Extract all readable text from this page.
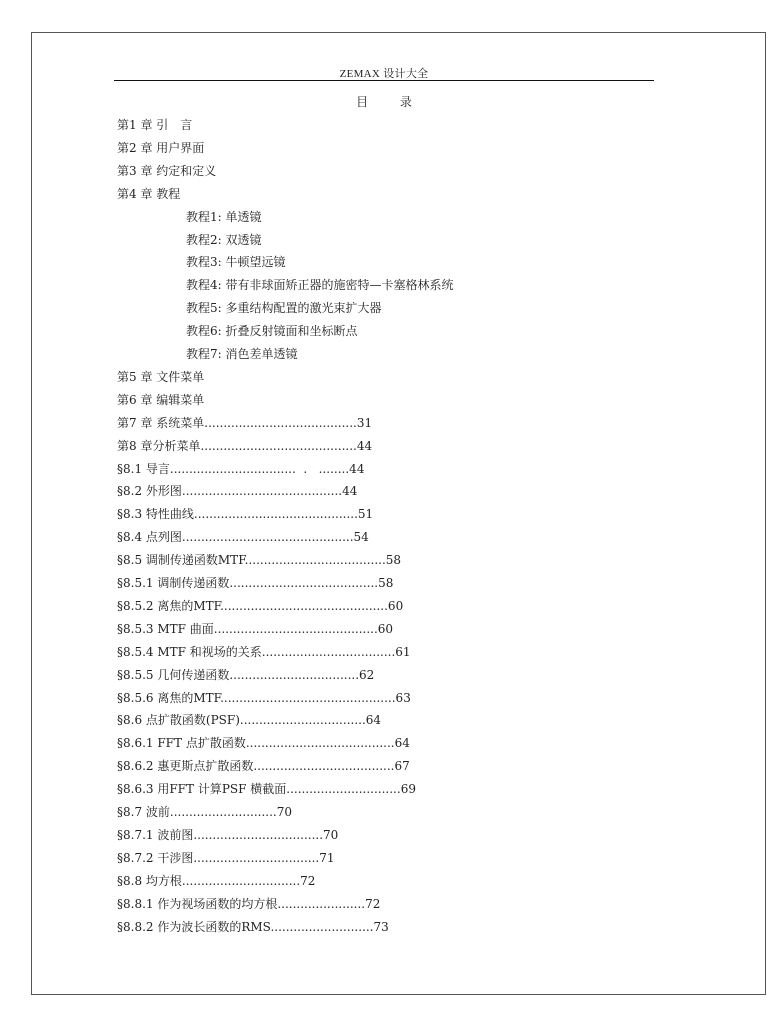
ZEMAX 设计大全
目 录
第1 章 引　言
第2 章 用户界面
第3 章 约定和定义
第4 章 教程
教程1: 单透镜
教程2: 双透镜
教程3: 牛顿望远镜
教程4: 带有非球面矫正器的施密特—卡塞格林系统
教程5: 多重结构配置的激光束扩大器
教程6: 折叠反射镜面和坐标断点
教程7: 消色差单透镜
第5 章 文件菜单
第6 章 编辑菜单
第7 章 系统菜单........................................31
第8 章分析菜单.........................................44
§8.1 导言.................................  .   ........44
§8.2 外形图..........................................44
§8.3 特性曲线...........................................51
§8.4 点列图.............................................54
§8.5 调制传递函数MTF.....................................58
§8.5.1 调制传递函数.......................................58
§8.5.2 离焦的MTF............................................60
§8.5.3 MTF 曲面...........................................60
§8.5.4 MTF 和视场的关系...................................61
§8.5.5 几何传递函数..................................62
§8.5.6 离焦的MTF..............................................63
§8.6 点扩散函数(PSF).................................64
§8.6.1 FFT 点扩散函数.......................................64
§8.6.2 惠更斯点扩散函数.....................................67
§8.6.3 用FFT 计算PSF 横截面..............................69
§8.7 波前............................70
§8.7.1 波前图..................................70
§8.7.2 干涉图.................................71
§8.8 均方根...............................72
§8.8.1 作为视场函数的均方根.......................72
§8.8.2 作为波长函数的RMS...........................73
